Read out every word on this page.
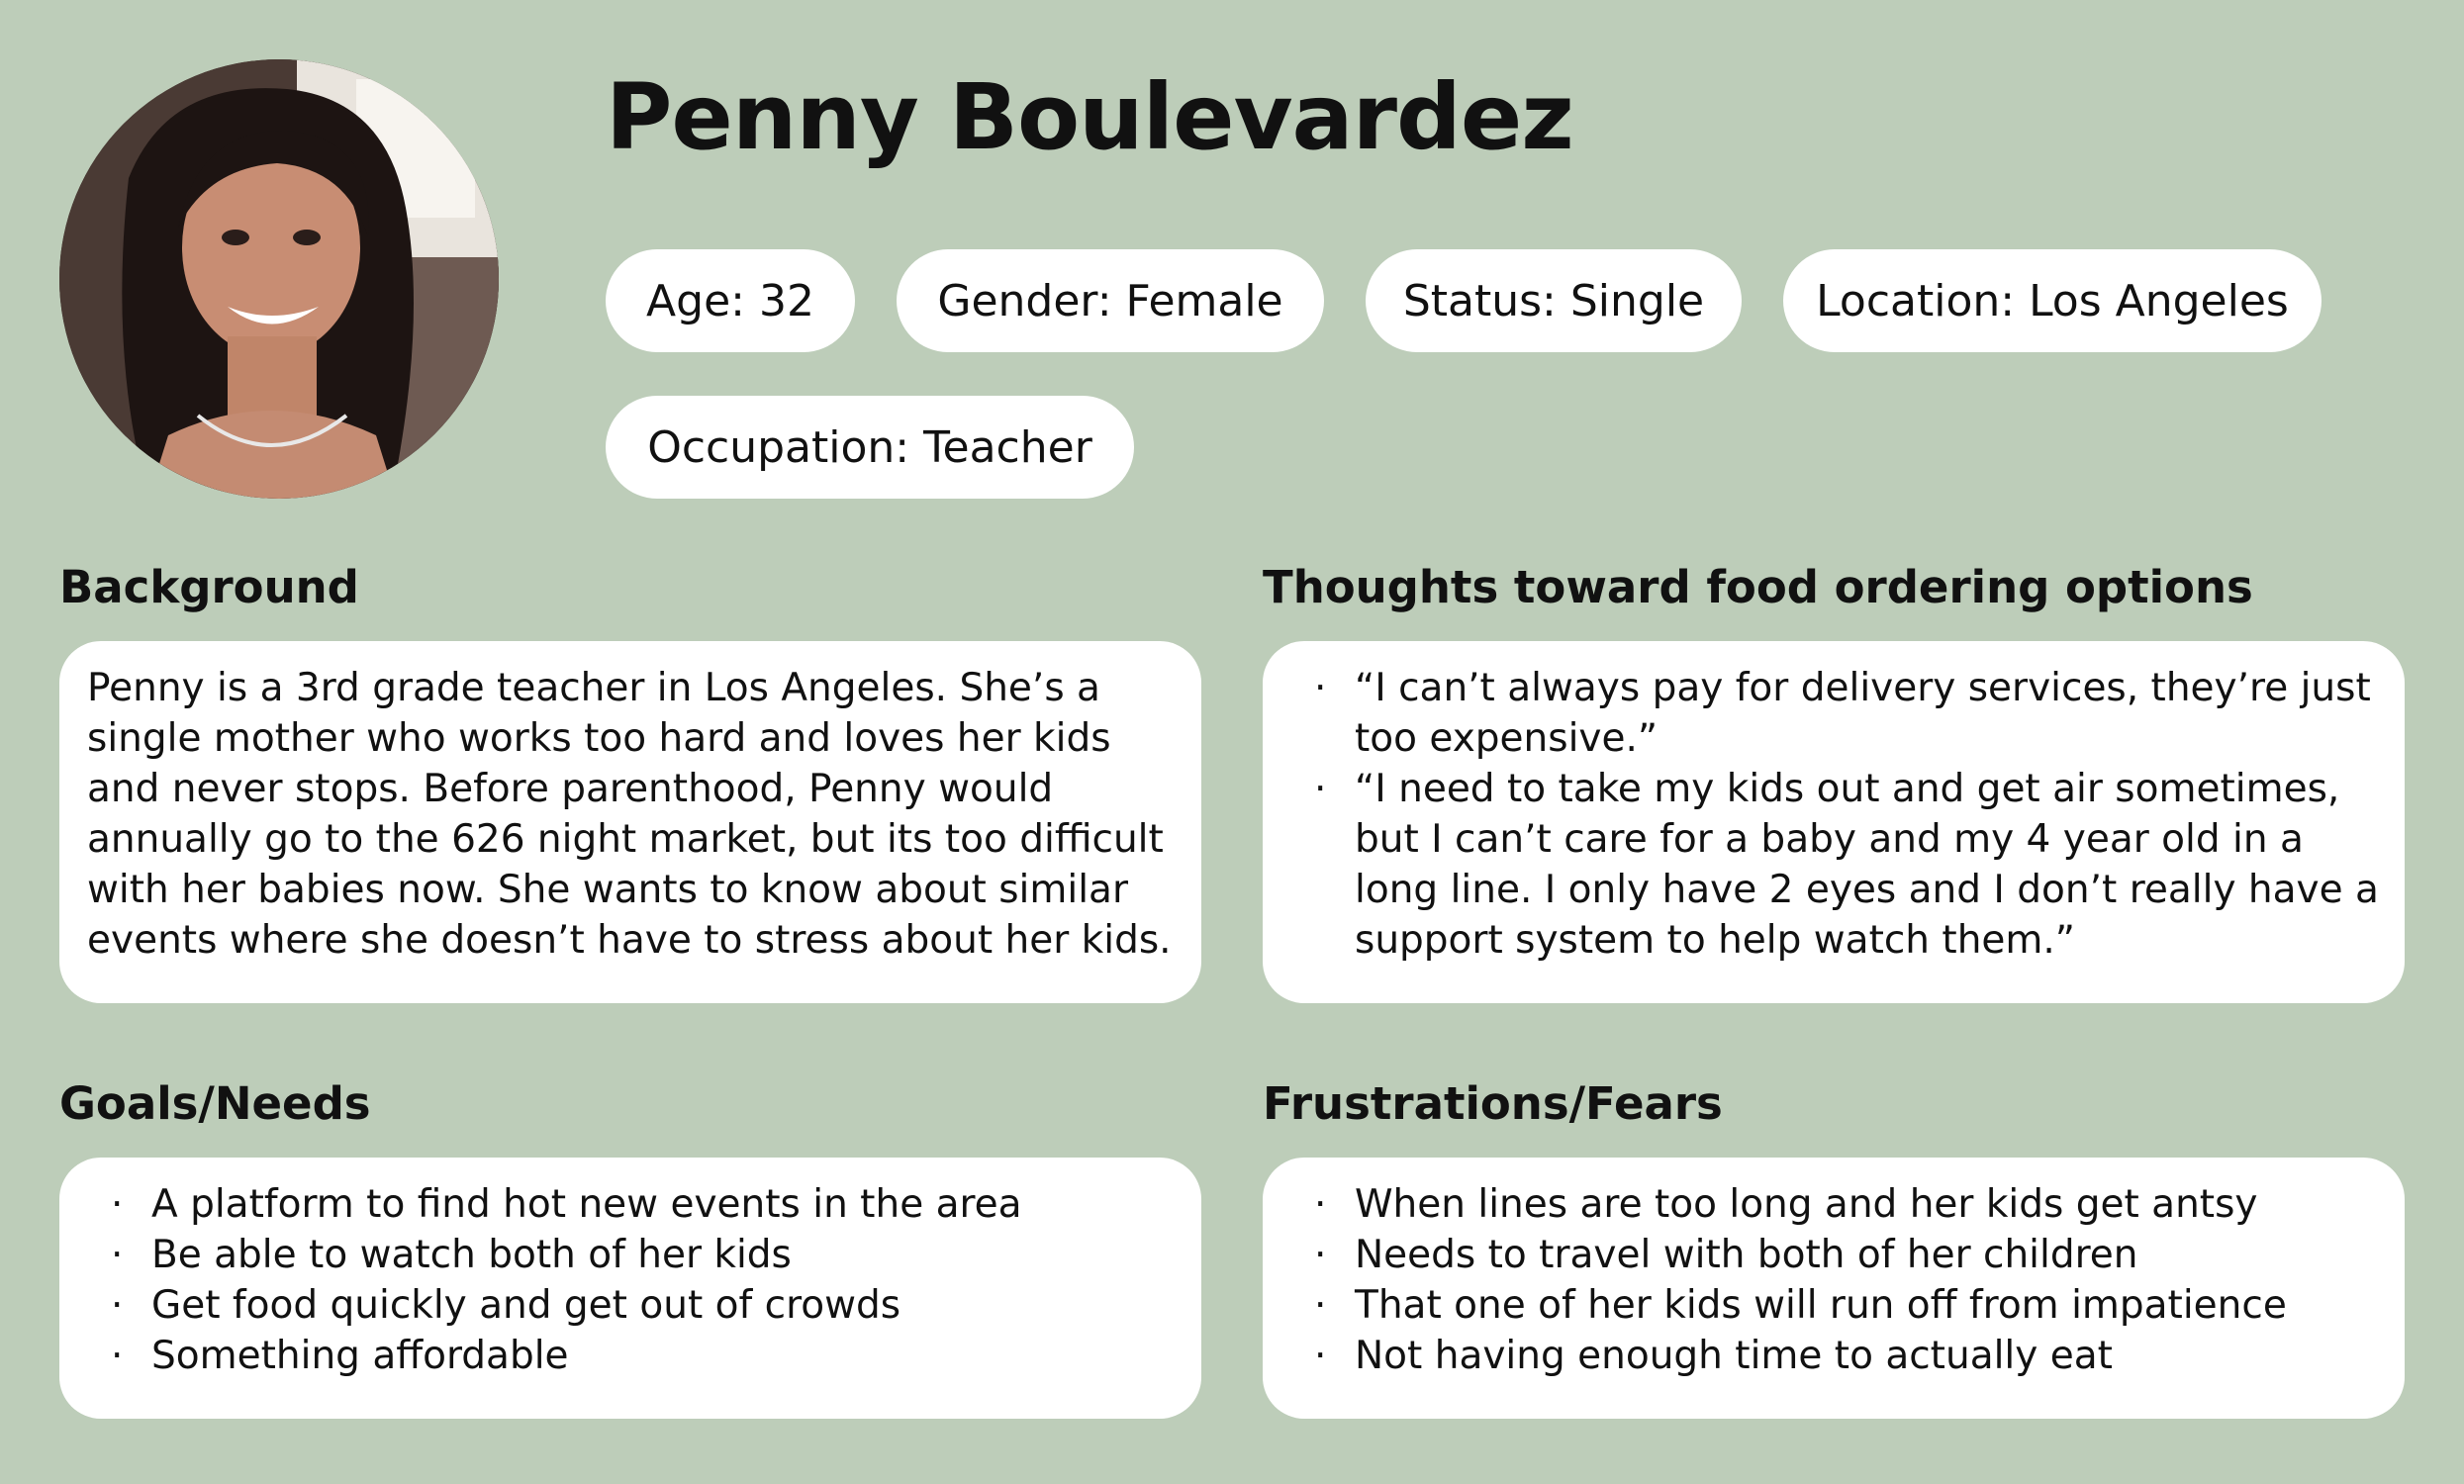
Penny Boulevardez
Age: 32	Gender: Female	Status: Single	Location: Los Angeles
Occupation: Teacher
Background

Penny is a 3rd grade teacher in Los Angeles. She’s a single mother who works too hard and loves her kids and never stops. Before parenthood, Penny would annually go to the 626 night market, but its too difficult with her babies now. She wants to know about similar events where she doesn’t have to stress about her kids.

Thoughts toward food ordering options
· “I can’t always pay for delivery services, they’re just too expensive.”
· “I need to take my kids out and get air sometimes, but I can’t care for a baby and my 4 year old in a long line. I only have 2 eyes and I don’t really have a support system to help watch them.”
Goals/Needs
· A platform to find hot new events in the area
· Be able to watch both of her kids
· Get food quickly and get out of crowds
· Something affordable
Frustrations/Fears
· When lines are too long and her kids get antsy
· Needs to travel with both of her children
· That one of her kids will run off from impatience
· Not having enough time to actually eat
